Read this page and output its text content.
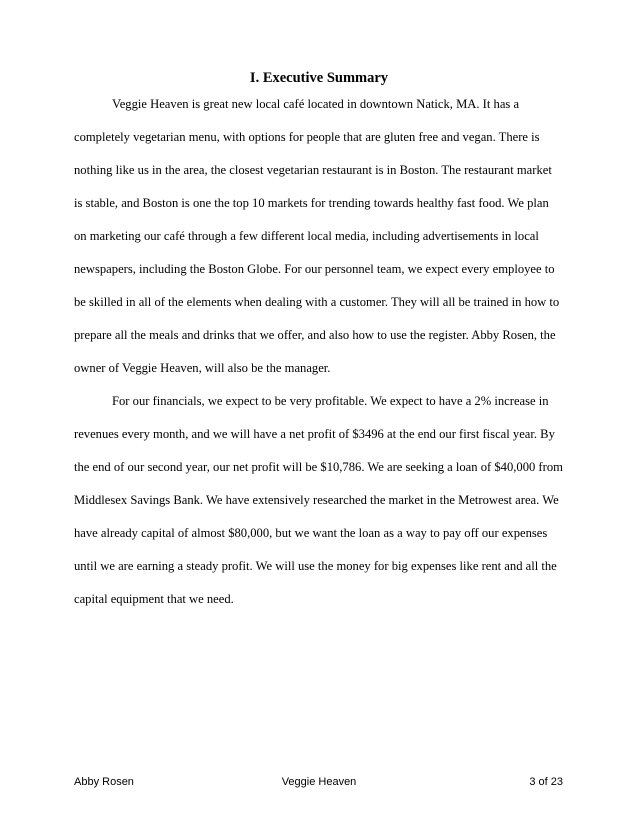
I. Executive Summary
Veggie Heaven is great new local café located in downtown Natick, MA. It has a
completely vegetarian menu, with options for people that are gluten free and vegan. There is
nothing like us in the area, the closest vegetarian restaurant is in Boston. The restaurant market
is stable, and Boston is one the top 10 markets for trending towards healthy fast food. We plan
on marketing our café through a few different local media, including advertisements in local
newspapers, including the Boston Globe. For our personnel team, we expect every employee to
be skilled in all of the elements when dealing with a customer. They will all be trained in how to
prepare all the meals and drinks that we offer, and also how to use the register. Abby Rosen, the
owner of Veggie Heaven, will also be the manager.
For our financials, we expect to be very profitable. We expect to have a 2% increase in
revenues every month, and we will have a net profit of $3496 at the end our first fiscal year. By
the end of our second year, our net profit will be $10,786. We are seeking a loan of $40,000 from
Middlesex Savings Bank. We have extensively researched the market in the Metrowest area. We
have already capital of almost $80,000, but we want the loan as a way to pay off our expenses
until we are earning a steady profit. We will use the money for big expenses like rent and all the
capital equipment that we need.
Abby Rosen	Veggie Heaven	3 of 23
